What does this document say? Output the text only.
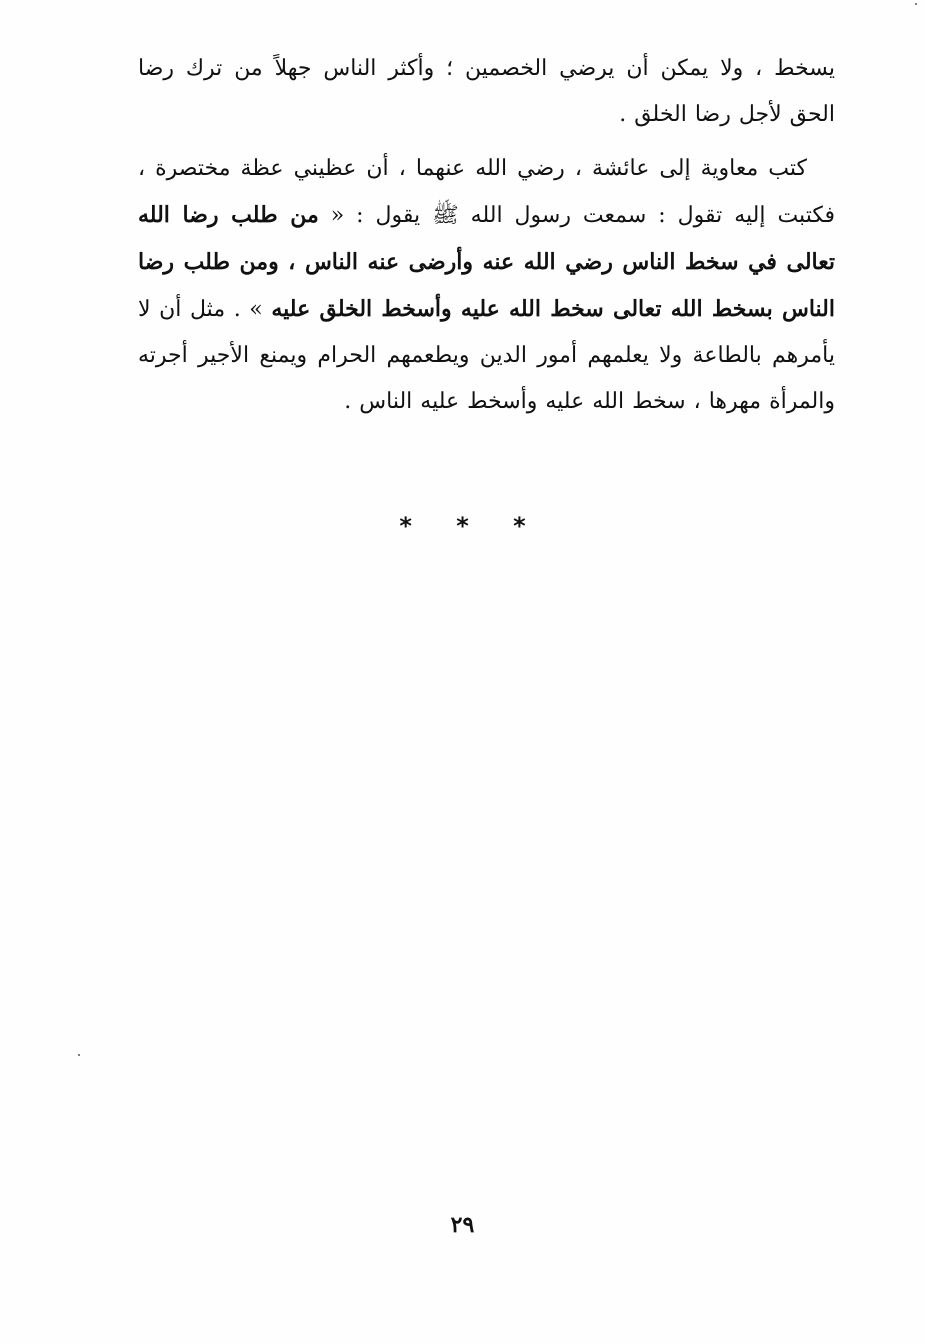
يسخط ، ولا يمكن أن يرضي الخصمين ؛ وأكثر الناس جهلاً من ترك رضا الحق لأجل رضا الخلق .

كتب معاوية إلى عائشة ، رضي الله عنهما ، أن عظيني عظة مختصرة ، فكتبت إليه تقول : سمعت رسول الله ﷺ يقول : « من طلب رضا الله تعالى في سخط الناس رضي الله عنه وأرضى عنه الناس ، ومن طلب رضا الناس بسخط الله تعالى سخط الله عليه وأسخط الخلق عليه » . مثل أن لا يأمرهم بالطاعة ولا يعلمهم أمور الدين ويطعمهم الحرام ويمنع الأجير أجرته والمرأة مهرها ، سخط الله عليه وأسخط عليه الناس .

* * *
٢٩
